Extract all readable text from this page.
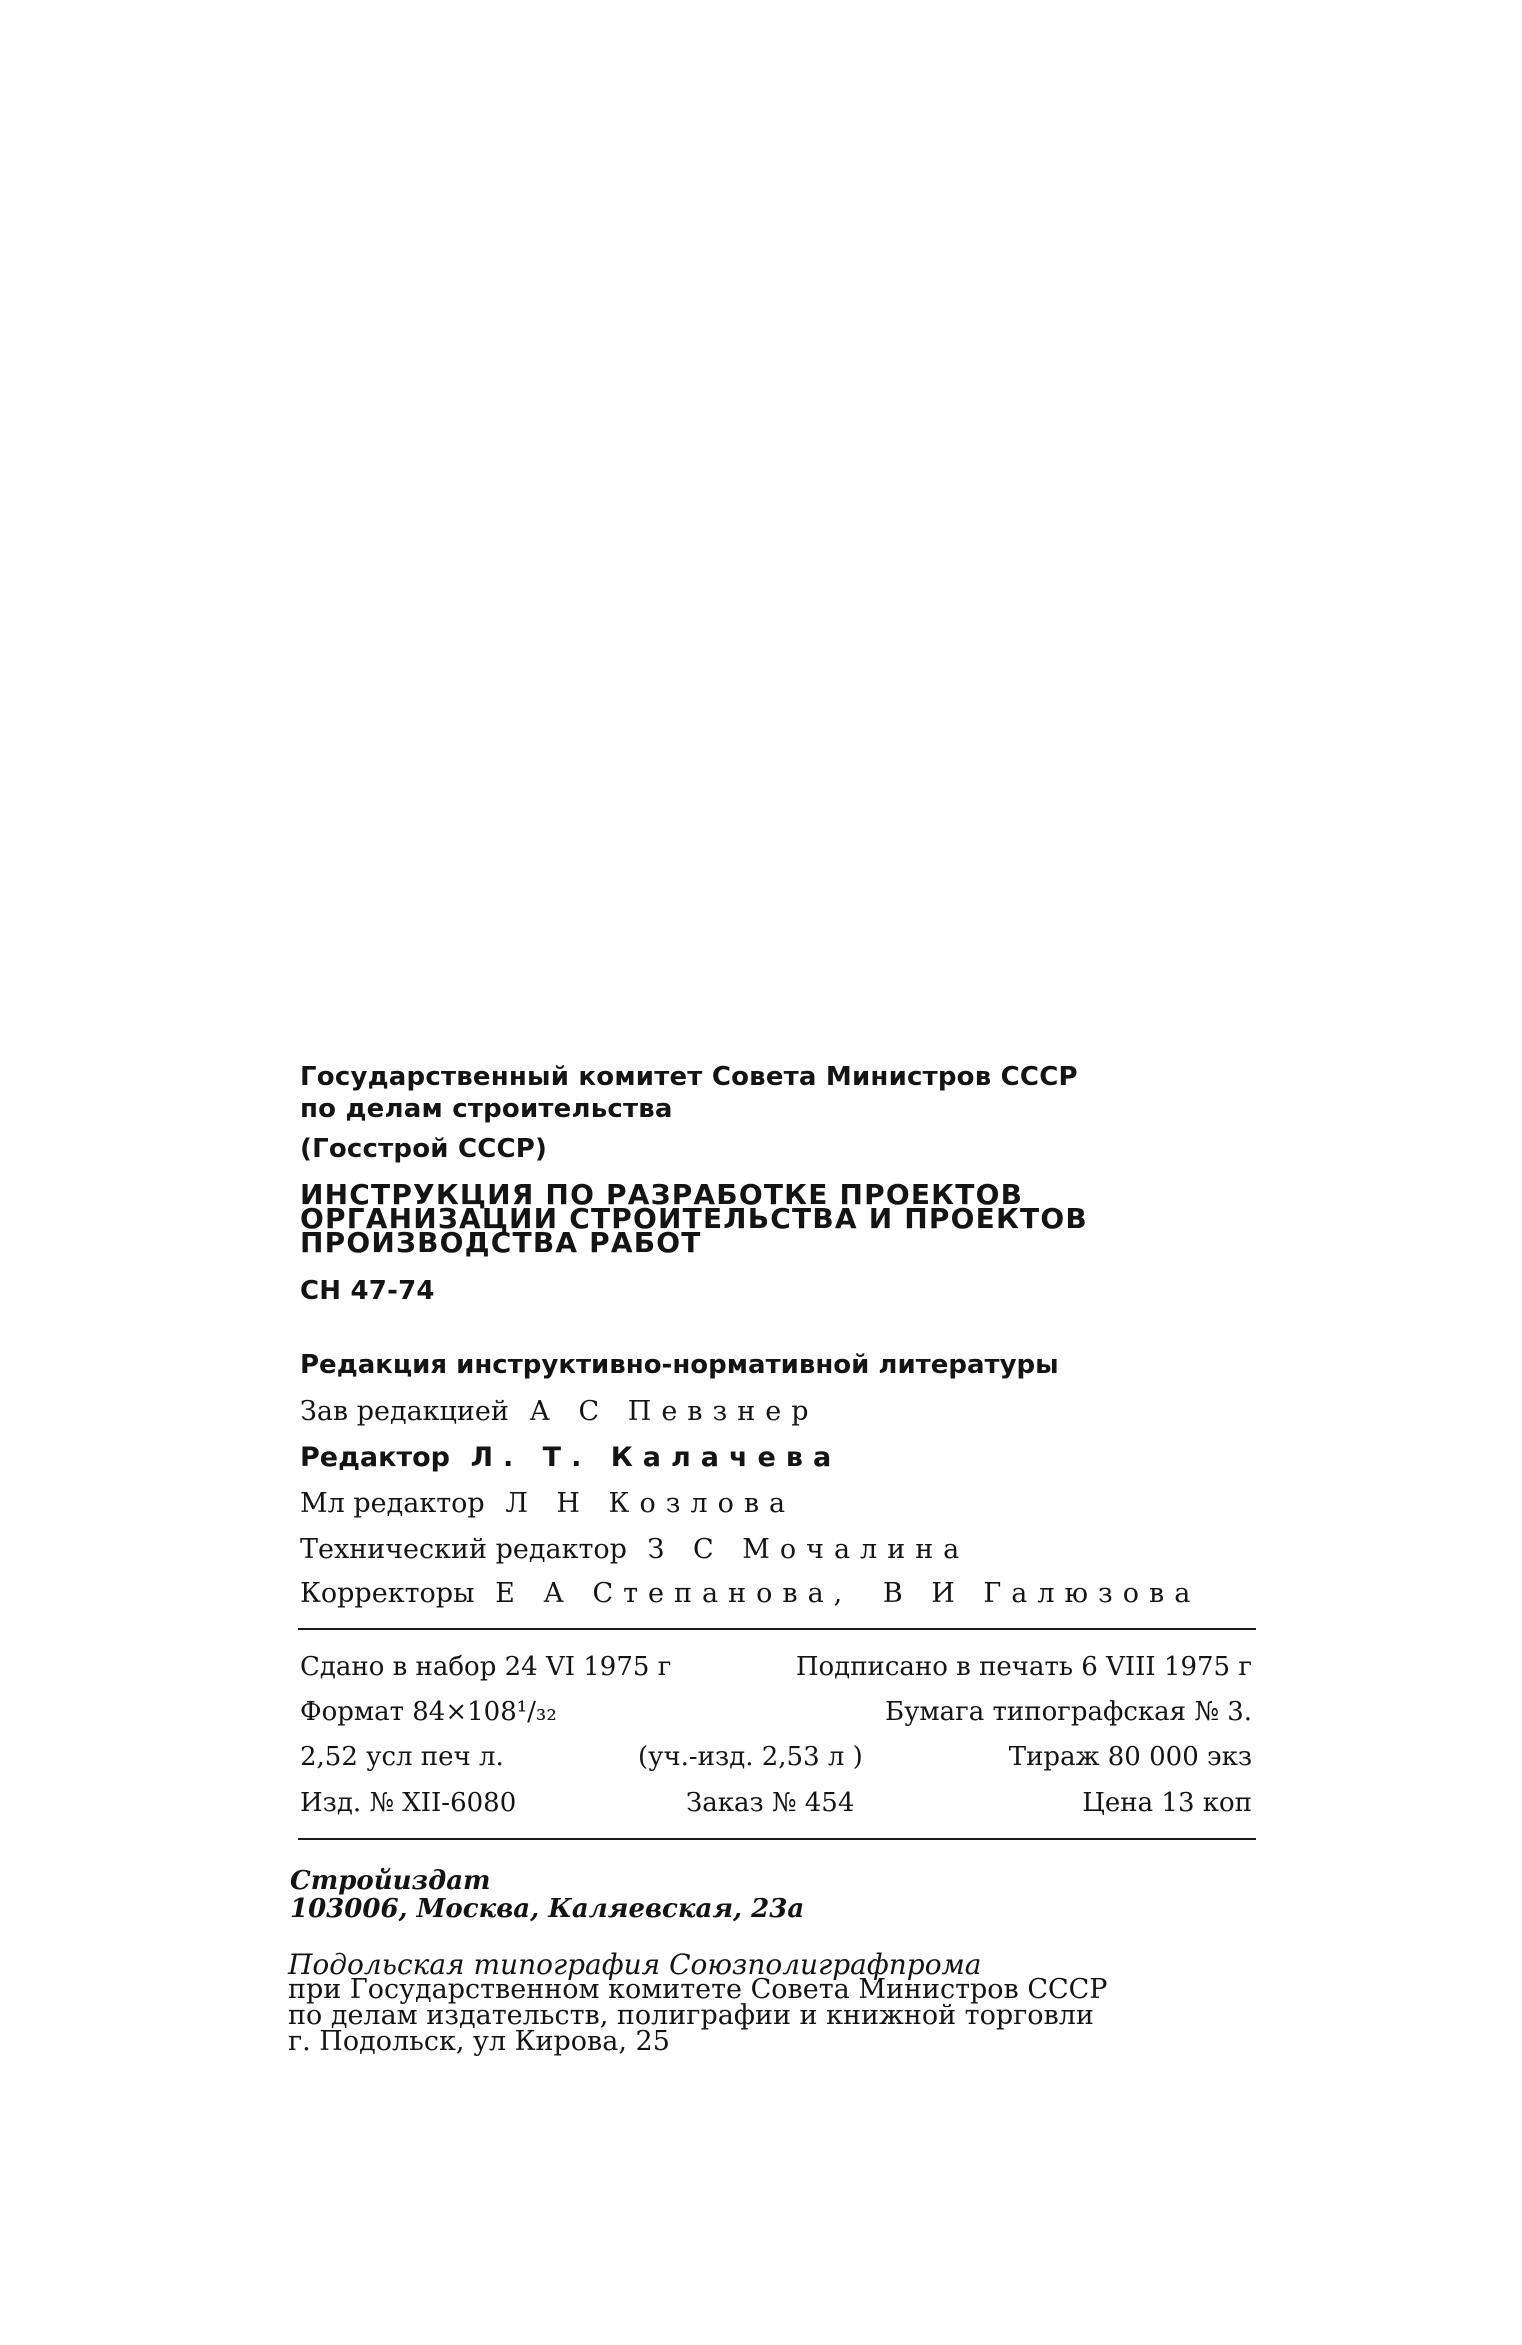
Государственный комитет Совета Министров СССР
по делам строительства
(Госстрой СССР)
ИНСТРУКЦИЯ ПО РАЗРАБОТКЕ ПРОЕКТОВ
ОРГАНИЗАЦИИ СТРОИТЕЛЬСТВА И ПРОЕКТОВ
ПРОИЗВОДСТВА РАБОТ
СН 47-74
Редакция инструктивно-нормативной литературы
Зав редакцией А С Певзнер
Редактор Л. Т. Калачева
Мл редактор Л Н Козлова
Технический редактор З С Мочалина
Корректоры Е А Степанова, В И Галюзова
Сдано в набор 24 VI 1975 г	Подписано в печать 6 VIII 1975 г
Формат 84×108¹/₃₂	Бумага типографская № 3.
2,52 усл печ л.	(уч.-изд. 2,53 л )	Тираж 80 000 экз
Изд. № XII-6080	Заказ № 454	Цена 13 коп
Стройиздат
103006, Москва, Каляевская, 23а
Подольская типография Союзполиграфпрома
при Государственном комитете Совета Министров СССР
по делам издательств, полиграфии и книжной торговли
г. Подольск, ул Кирова, 25
